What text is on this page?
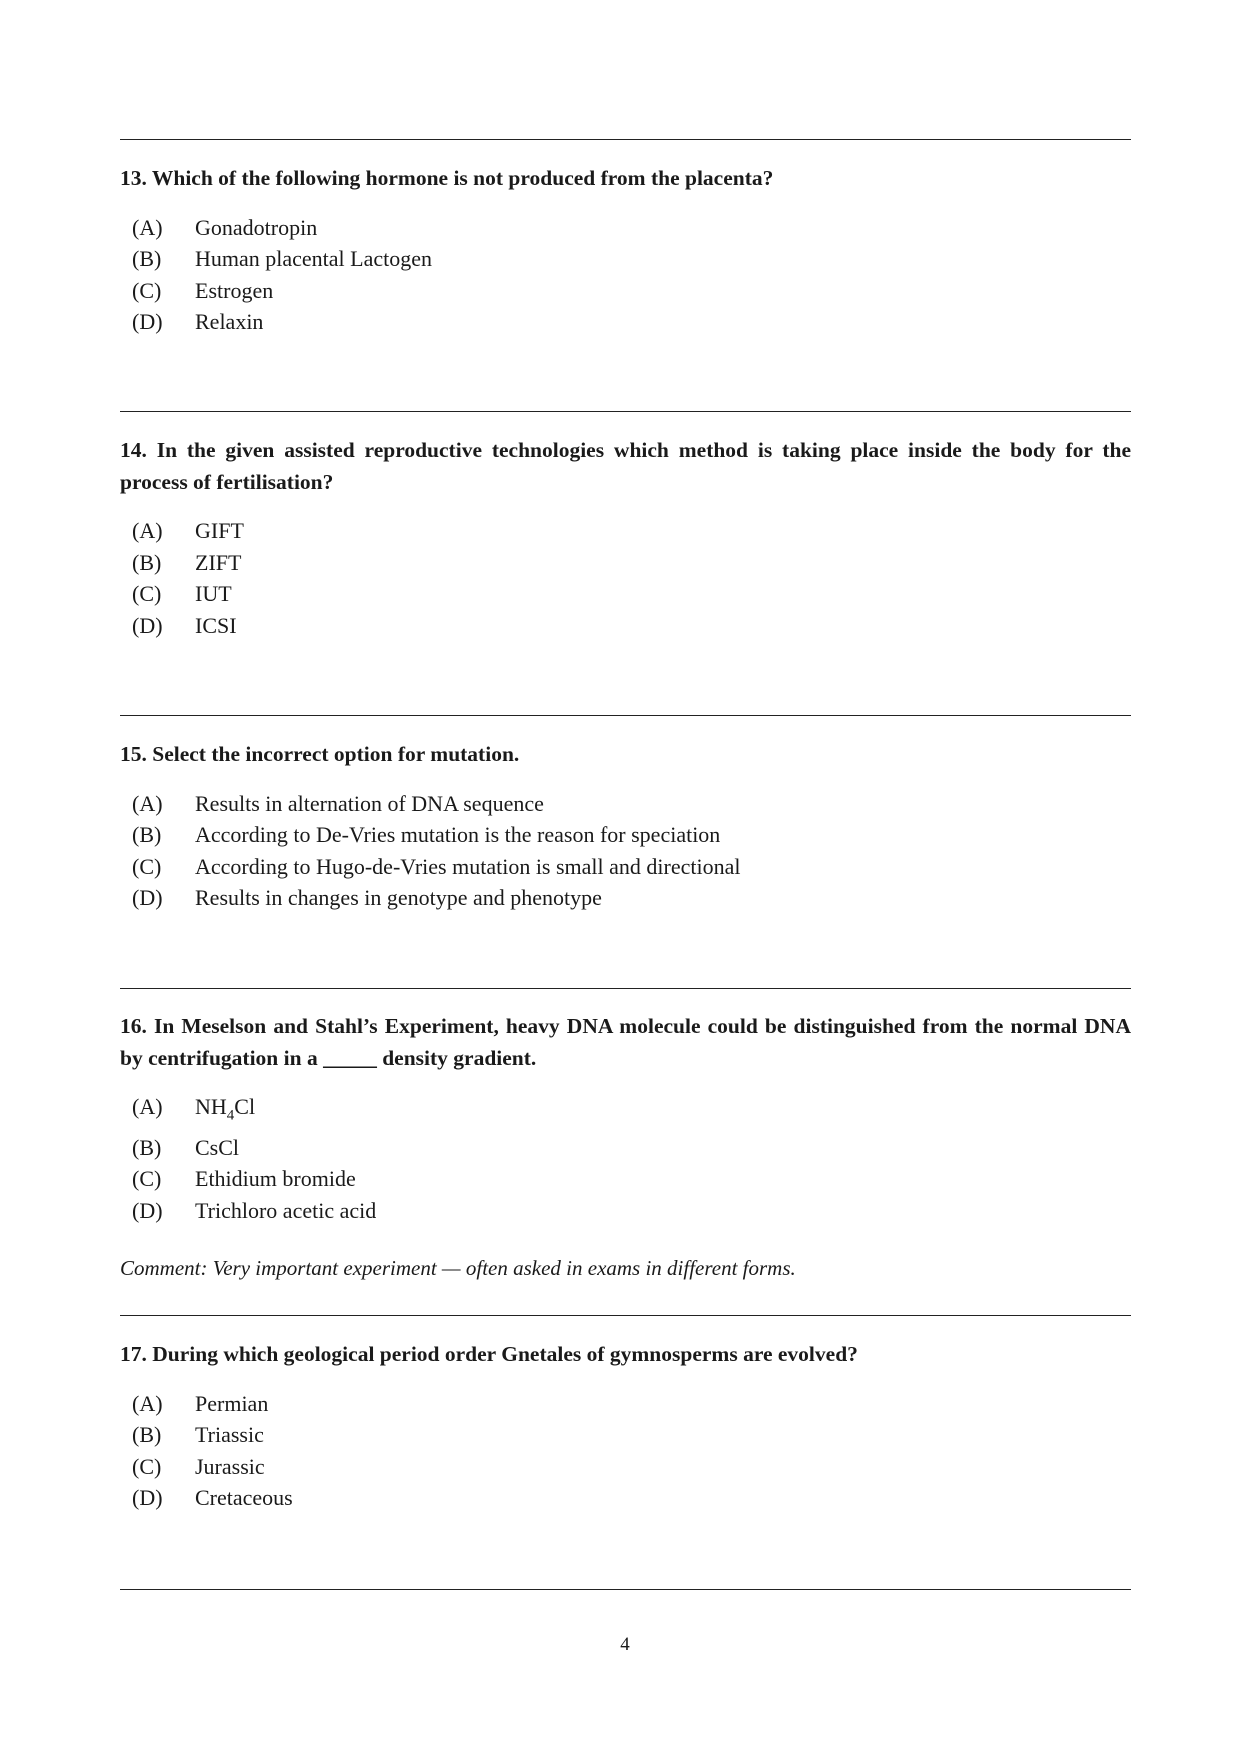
13. Which of the following hormone is not produced from the placenta?
(A)	Gonadotropin
(B)	Human placental Lactogen
(C)	Estrogen
(D)	Relaxin
14. In the given assisted reproductive technologies which method is taking place inside the body for the process of fertilisation?
(A)	GIFT
(B)	ZIFT
(C)	IUT
(D)	ICSI
15. Select the incorrect option for mutation.
(A)	Results in alternation of DNA sequence
(B)	According to De-Vries mutation is the reason for speciation
(C)	According to Hugo-de-Vries mutation is small and directional
(D)	Results in changes in genotype and phenotype
16. In Meselson and Stahl’s Experiment, heavy DNA molecule could be distinguished from the normal DNA by centrifugation in a _____ density gradient.
(A)	$NH_4Cl$
(B)	CsCl
(C)	Ethidium bromide
(D)	Trichloro acetic acid
Comment: Very important experiment — often asked in exams in different forms.
17. During which geological period order Gnetales of gymnosperms are evolved?
(A)	Permian
(B)	Triassic
(C)	Jurassic
(D)	Cretaceous
4
